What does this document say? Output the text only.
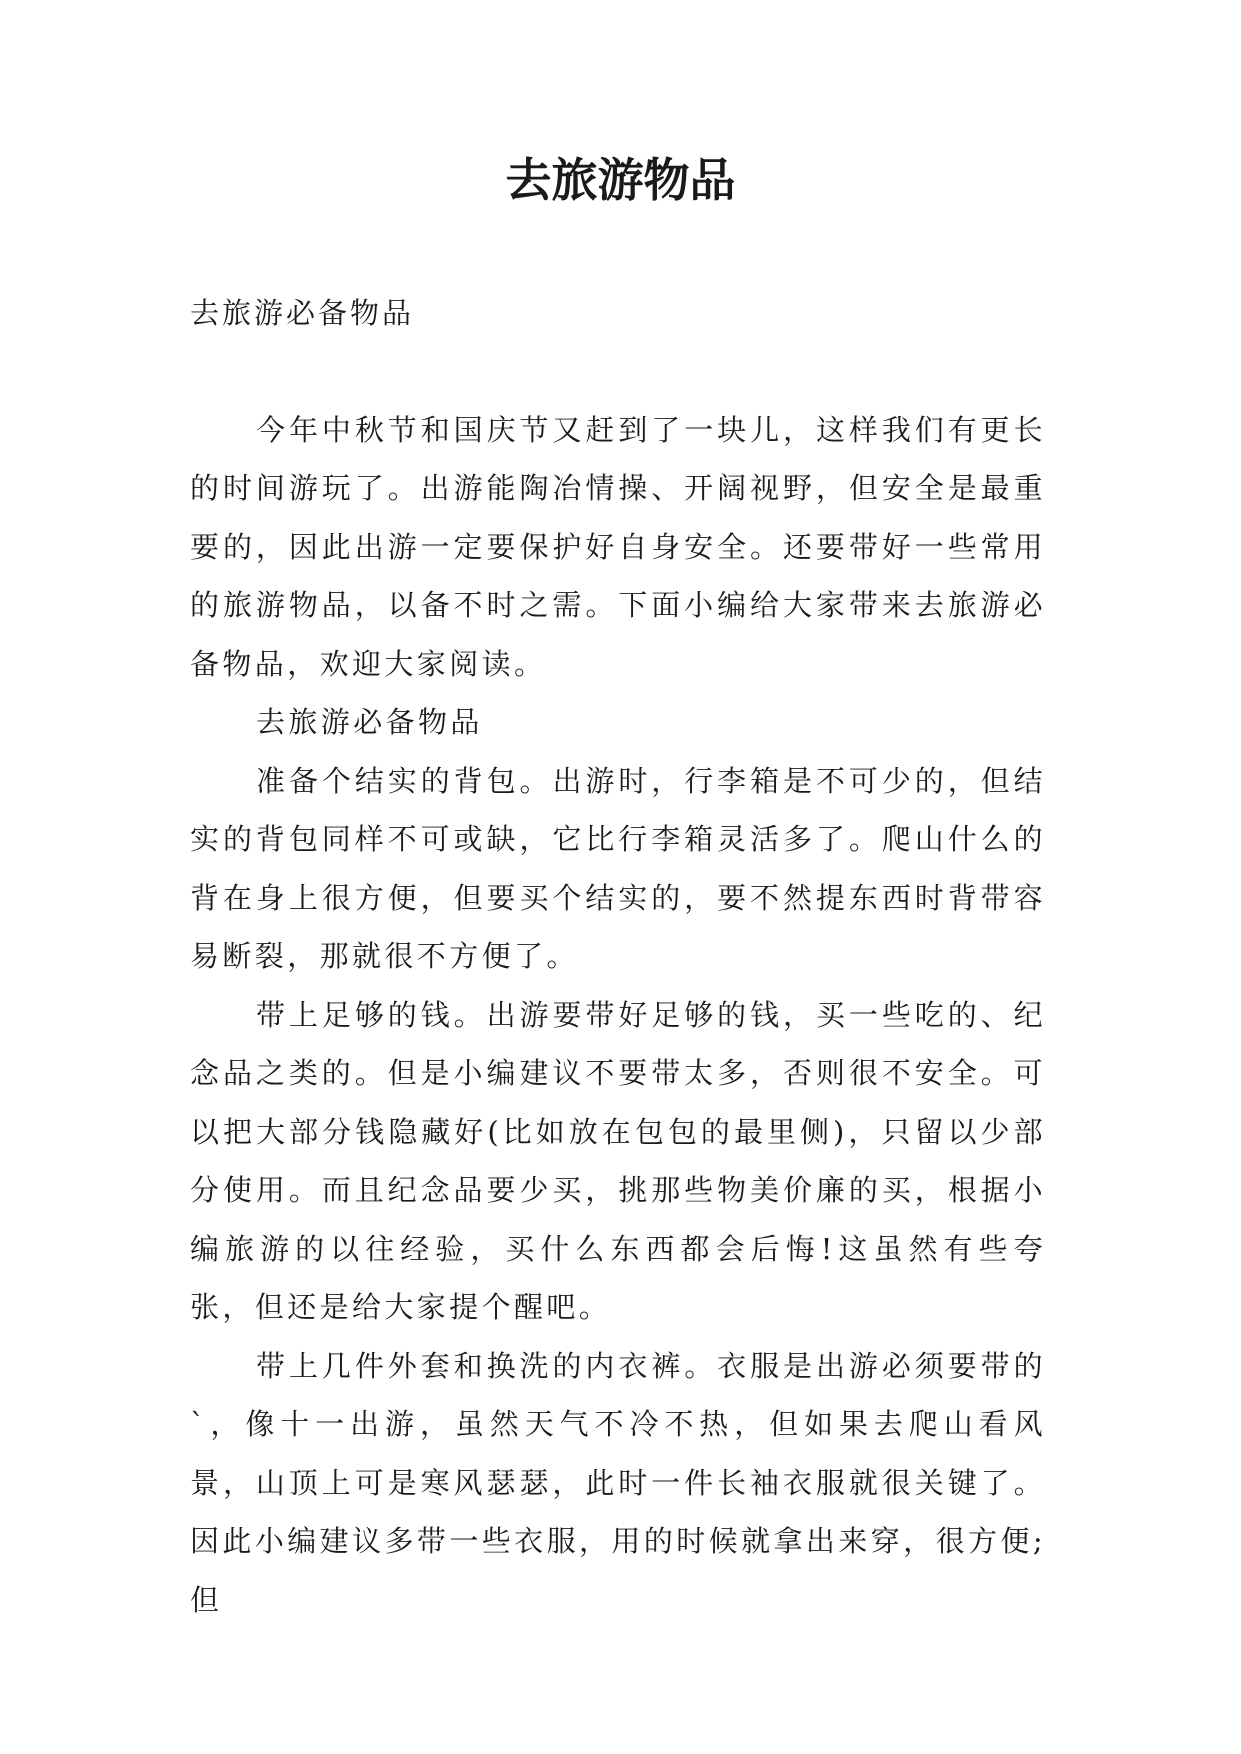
去旅游物品

去旅游必备物品

今年中秋节和国庆节又赶到了一块儿，这样我们有更长的时间游玩了。出游能陶冶情操、开阔视野，但安全是最重要的，因此出游一定要保护好自身安全。还要带好一些常用的旅游物品，以备不时之需。下面小编给大家带来去旅游必备物品，欢迎大家阅读。

去旅游必备物品

准备个结实的背包。出游时，行李箱是不可少的，但结实的背包同样不可或缺，它比行李箱灵活多了。爬山什么的背在身上很方便，但要买个结实的，要不然提东西时背带容易断裂，那就很不方便了。

带上足够的钱。出游要带好足够的钱，买一些吃的、纪念品之类的。但是小编建议不要带太多，否则很不安全。可以把大部分钱隐藏好(比如放在包包的最里侧)，只留以少部分使用。而且纪念品要少买，挑那些物美价廉的买，根据小编旅游的以往经验，买什么东西都会后悔!这虽然有些夸张，但还是给大家提个醒吧。

带上几件外套和换洗的内衣裤。衣服是出游必须要带的`，像十一出游，虽然天气不冷不热，但如果去爬山看风景，山顶上可是寒风瑟瑟，此时一件长袖衣服就很关键了。因此小编建议多带一些衣服，用的时候就拿出来穿，很方便;但
